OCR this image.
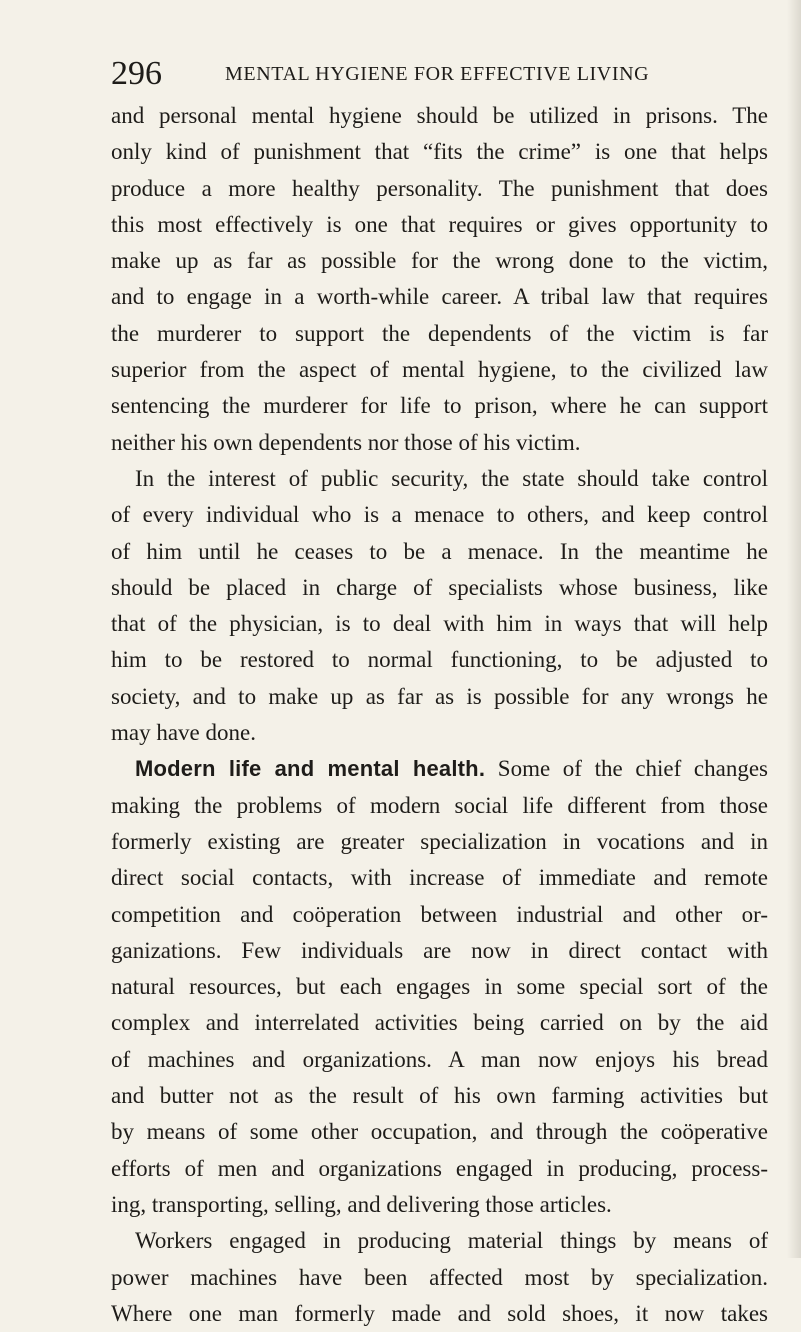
296	MENTAL HYGIENE FOR EFFECTIVE LIVING
and personal mental hygiene should be utilized in prisons. The
only kind of punishment that “fits the crime” is one that helps
produce a more healthy personality. The punishment that does
this most effectively is one that requires or gives opportunity to
make up as far as possible for the wrong done to the victim,
and to engage in a worth-while career. A tribal law that requires
the murderer to support the dependents of the victim is far
superior from the aspect of mental hygiene, to the civilized law
sentencing the murderer for life to prison, where he can support
neither his own dependents nor those of his victim.
In the interest of public security, the state should take control
of every individual who is a menace to others, and keep control
of him until he ceases to be a menace. In the meantime he
should be placed in charge of specialists whose business, like
that of the physician, is to deal with him in ways that will help
him to be restored to normal functioning, to be adjusted to
society, and to make up as far as is possible for any wrongs he
may have done.
Modern life and mental health. Some of the chief changes
making the problems of modern social life different from those
formerly existing are greater specialization in vocations and in
direct social contacts, with increase of immediate and remote
competition and coöperation between industrial and other or-
ganizations. Few individuals are now in direct contact with
natural resources, but each engages in some special sort of the
complex and interrelated activities being carried on by the aid
of machines and organizations. A man now enjoys his bread
and butter not as the result of his own farming activities but
by means of some other occupation, and through the coöperative
efforts of men and organizations engaged in producing, process-
ing, transporting, selling, and delivering those articles.
Workers engaged in producing material things by means of
power machines have been affected most by specialization.
Where one man formerly made and sold shoes, it now takes
